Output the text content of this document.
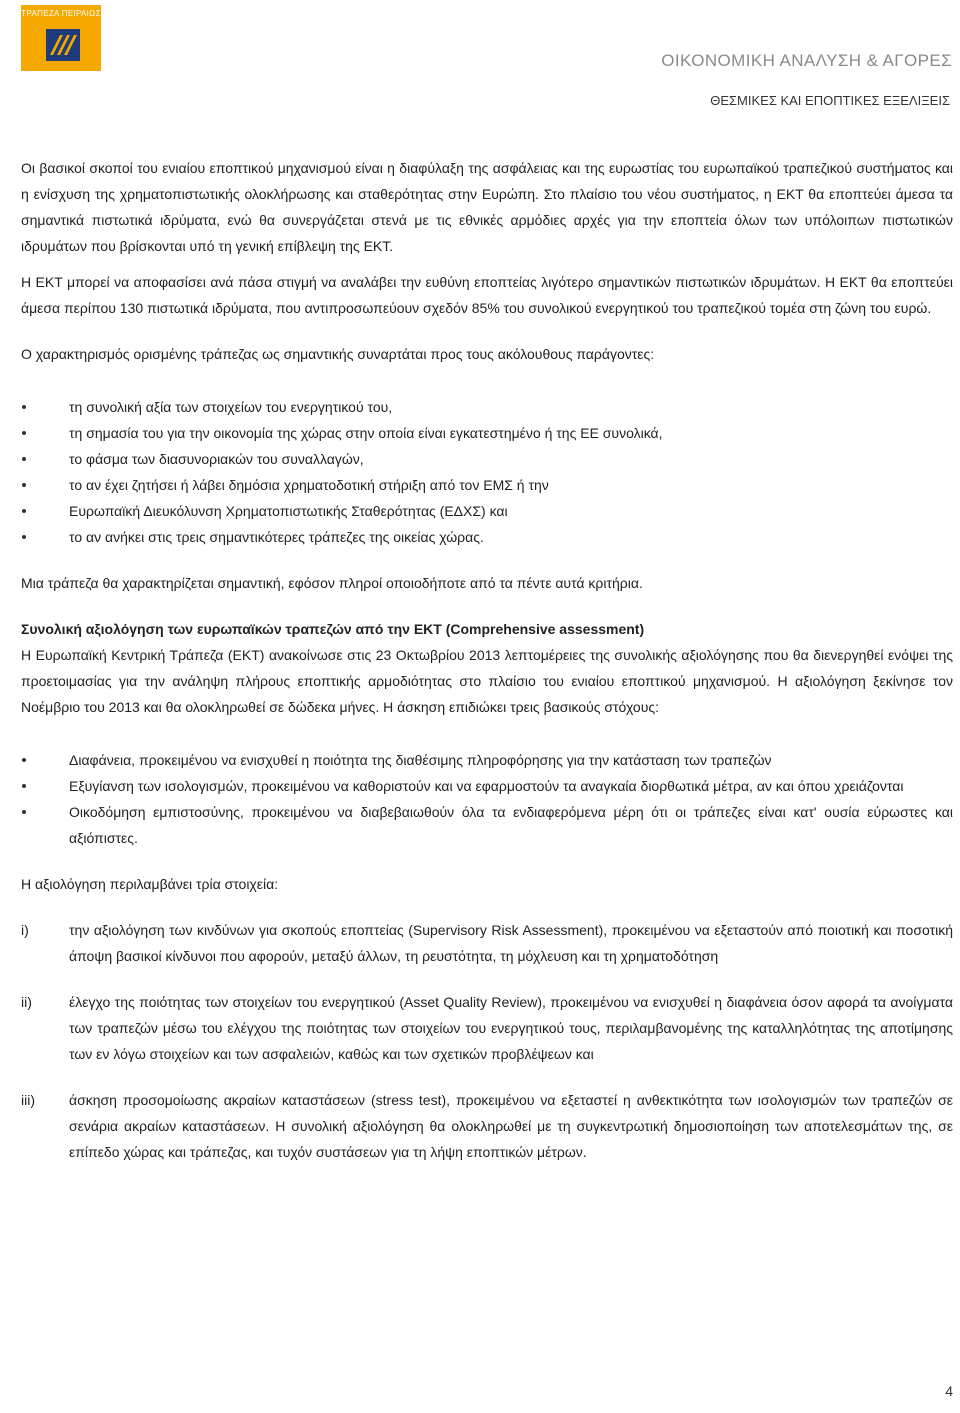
ΤΡΑΠΕΖΑ ΠΕΙΡΑΙΩΣ
ΟΙΚΟΝΟΜΙΚΗ ΑΝΑΛΥΣΗ & ΑΓΟΡΕΣ
ΘΕΣΜΙΚΕΣ ΚΑΙ ΕΠΟΠΤΙΚΕΣ ΕΞΕΛΙΞΕΙΣ

Οι βασικοί σκοποί του ενιαίου εποπτικού μηχανισμού είναι η διαφύλαξη της ασφάλειας και της ευρωστίας του ευρωπαϊκού τραπεζικού συστήματος και η ενίσχυση της χρηματοπιστωτικής ολοκλήρωσης και σταθερότητας στην Ευρώπη. Στο πλαίσιο του νέου συστήματος, η ΕΚΤ θα εποπτεύει άμεσα τα σημαντικά πιστωτικά ιδρύματα, ενώ θα συνεργάζεται στενά με τις εθνικές αρμόδιες αρχές για την εποπτεία όλων των υπόλοιπων πιστωτικών ιδρυμάτων που βρίσκονται υπό τη γενική επίβλεψη της ΕΚΤ.

Η ΕΚΤ μπορεί να αποφασίσει ανά πάσα στιγμή να αναλάβει την ευθύνη εποπτείας λιγότερο σημαντικών πιστωτικών ιδρυμάτων. Η ΕΚΤ θα εποπτεύει άμεσα περίπου 130 πιστωτικά ιδρύματα, που αντιπροσωπεύουν σχεδόν 85% του συνολικού ενεργητικού του τραπεζικού τομέα στη ζώνη του ευρώ.

Ο χαρακτηρισμός ορισμένης τράπεζας ως σημαντικής συναρτάται προς τους ακόλουθους παράγοντες:

τη συνολική αξία των στοιχείων του ενεργητικού του,
τη σημασία του για την οικονομία της χώρας στην οποία είναι εγκατεστημένο ή της ΕΕ συνολικά,
το φάσμα των διασυνοριακών του συναλλαγών,
το αν έχει ζητήσει ή λάβει δημόσια χρηματοδοτική στήριξη από τον ΕΜΣ ή την
Ευρωπαϊκή Διευκόλυνση Χρηματοπιστωτικής Σταθερότητας (ΕΔΧΣ) και
το αν ανήκει στις τρεις σημαντικότερες τράπεζες της οικείας χώρας.

Μια τράπεζα θα χαρακτηρίζεται σημαντική, εφόσον πληροί οποιοδήποτε από τα πέντε αυτά κριτήρια.

Συνολική αξιολόγηση των ευρωπαϊκών τραπεζών από την ΕΚΤ (Comprehensive assessment)

Η Ευρωπαϊκή Κεντρική Τράπεζα (ΕΚΤ) ανακοίνωσε στις 23 Οκτωβρίου 2013 λεπτομέρειες της συνολικής αξιολόγησης που θα διενεργηθεί ενόψει της προετοιμασίας για την ανάληψη πλήρους εποπτικής αρμοδιότητας στο πλαίσιο του ενιαίου εποπτικού μηχανισμού. Η αξιολόγηση ξεκίνησε τον Νοέμβριο του 2013 και θα ολοκληρωθεί σε δώδεκα μήνες. Η άσκηση επιδιώκει τρεις βασικούς στόχους:

Διαφάνεια, προκειμένου να ενισχυθεί η ποιότητα της διαθέσιμης πληροφόρησης για την κατάσταση των τραπεζών
Εξυγίανση των ισολογισμών, προκειμένου να καθοριστούν και να εφαρμοστούν τα αναγκαία διορθωτικά μέτρα, αν και όπου χρειάζονται
Οικοδόμηση εμπιστοσύνης, προκειμένου να διαβεβαιωθούν όλα τα ενδιαφερόμενα μέρη ότι οι τράπεζες είναι κατ' ουσία εύρωστες και αξιόπιστες.

Η αξιολόγηση περιλαμβάνει τρία στοιχεία:

i)	την αξιολόγηση των κινδύνων για σκοπούς εποπτείας (Supervisory Risk Assessment), προκειμένου να εξεταστούν από ποιοτική και ποσοτική άποψη βασικοί κίνδυνοι που αφορούν, μεταξύ άλλων, τη ρευστότητα, τη μόχλευση και τη χρηματοδότηση
ii)	έλεγχο της ποιότητας των στοιχείων του ενεργητικού (Asset Quality Review), προκειμένου να ενισχυθεί η διαφάνεια όσον αφορά τα ανοίγματα των τραπεζών μέσω του ελέγχου της ποιότητας των στοιχείων του ενεργητικού τους, περιλαμβανομένης της καταλληλότητας της αποτίμησης των εν λόγω στοιχείων και των ασφαλειών, καθώς και των σχετικών προβλέψεων και
iii) άσκηση προσομοίωσης ακραίων καταστάσεων (stress test), προκειμένου να εξεταστεί η ανθεκτικότητα των ισολογισμών των τραπεζών σε σενάρια ακραίων καταστάσεων. Η συνολική αξιολόγηση θα ολοκληρωθεί με τη συγκεντρωτική δημοσιοποίηση των αποτελεσμάτων της, σε επίπεδο χώρας και τράπεζας, και τυχόν συστάσεων για τη λήψη εποπτικών μέτρων.
4
